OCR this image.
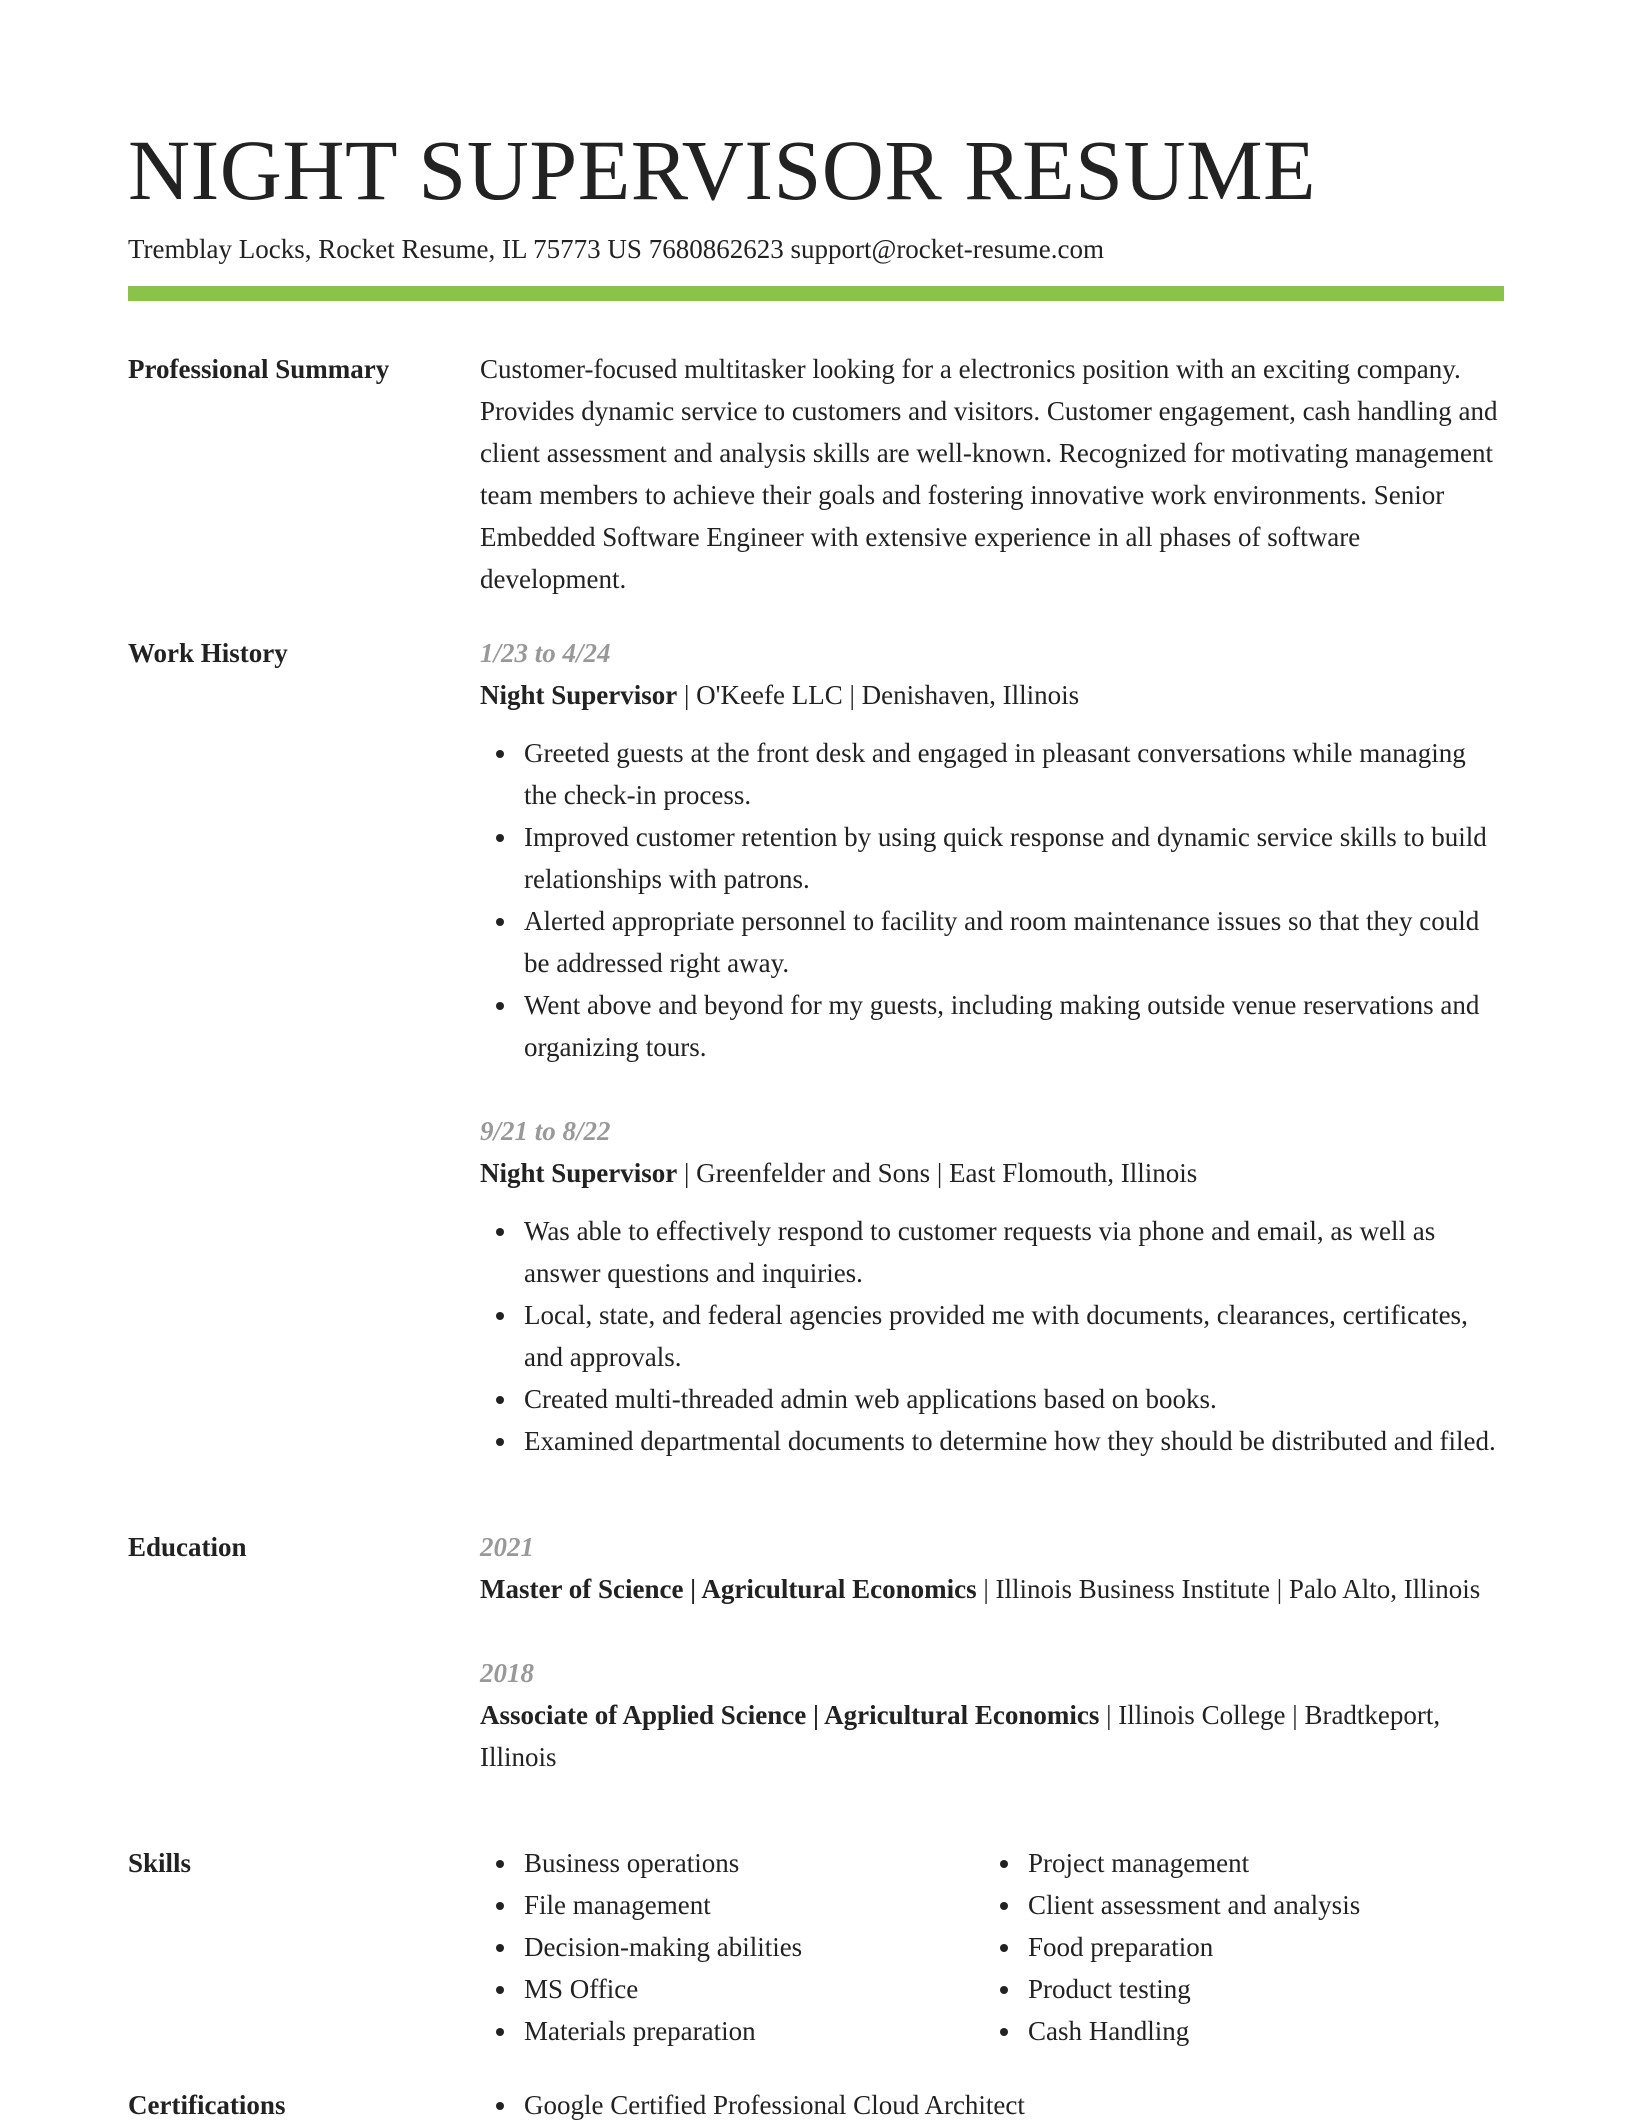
NIGHT SUPERVISOR RESUME
Tremblay Locks, Rocket Resume, IL 75773 US 7680862623 support@rocket-resume.com
Professional Summary	Customer-focused multitasker looking for a electronics position with an exciting company. Provides dynamic service to customers and visitors. Customer engagement, cash handling and client assessment and analysis skills are well-known. Recognized for motivating management team members to achieve their goals and fostering innovative work environments. Senior Embedded Software Engineer with extensive experience in all phases of software development.

Work History	1/23 to 4/24
Night Supervisor | O'Keefe LLC | Denishaven, Illinois
Greeted guests at the front desk and engaged in pleasant conversations while managing the check-in process.
Improved customer retention by using quick response and dynamic service skills to build relationships with patrons.
Alerted appropriate personnel to facility and room maintenance issues so that they could be addressed right away.
Went above and beyond for my guests, including making outside venue reservations and organizing tours.
9/21 to 8/22
Night Supervisor | Greenfelder and Sons | East Flomouth, Illinois
Was able to effectively respond to customer requests via phone and email, as well as answer questions and inquiries.
Local, state, and federal agencies provided me with documents, clearances, certificates, and approvals.
Created multi-threaded admin web applications based on books.
Examined departmental documents to determine how they should be distributed and filed.
Education	2021
Master of Science | Agricultural Economics | Illinois Business Institute | Palo Alto, Illinois
2018
Associate of Applied Science | Agricultural Economics | Illinois College | Bradtkeport, Illinois
Skills	Business operations
File management
Decision-making abilities
MS Office
Materials preparation
Project management
Client assessment and analysis
Food preparation
Product testing
Cash Handling
Certifications	Google Certified Professional Cloud Architect
